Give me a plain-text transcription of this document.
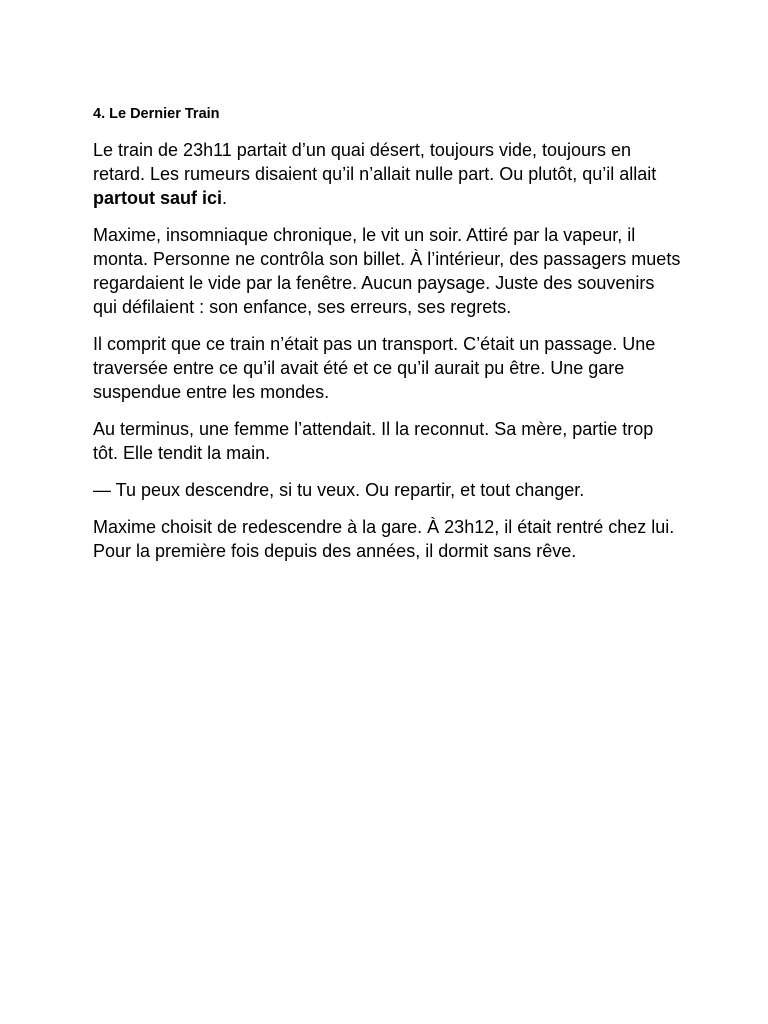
4. Le Dernier Train

Le train de 23h11 partait d’un quai désert, toujours vide, toujours en retard. Les rumeurs disaient qu’il n’allait nulle part. Ou plutôt, qu’il allait partout sauf ici.

Maxime, insomniaque chronique, le vit un soir. Attiré par la vapeur, il monta. Personne ne contrôla son billet. À l’intérieur, des passagers muets regardaient le vide par la fenêtre. Aucun paysage. Juste des souvenirs qui défilaient : son enfance, ses erreurs, ses regrets.

Il comprit que ce train n’était pas un transport. C’était un passage. Une traversée entre ce qu’il avait été et ce qu’il aurait pu être. Une gare suspendue entre les mondes.

Au terminus, une femme l’attendait. Il la reconnut. Sa mère, partie trop tôt. Elle tendit la main.

— Tu peux descendre, si tu veux. Ou repartir, et tout changer.

Maxime choisit de redescendre à la gare. À 23h12, il était rentré chez lui. Pour la première fois depuis des années, il dormit sans rêve.
